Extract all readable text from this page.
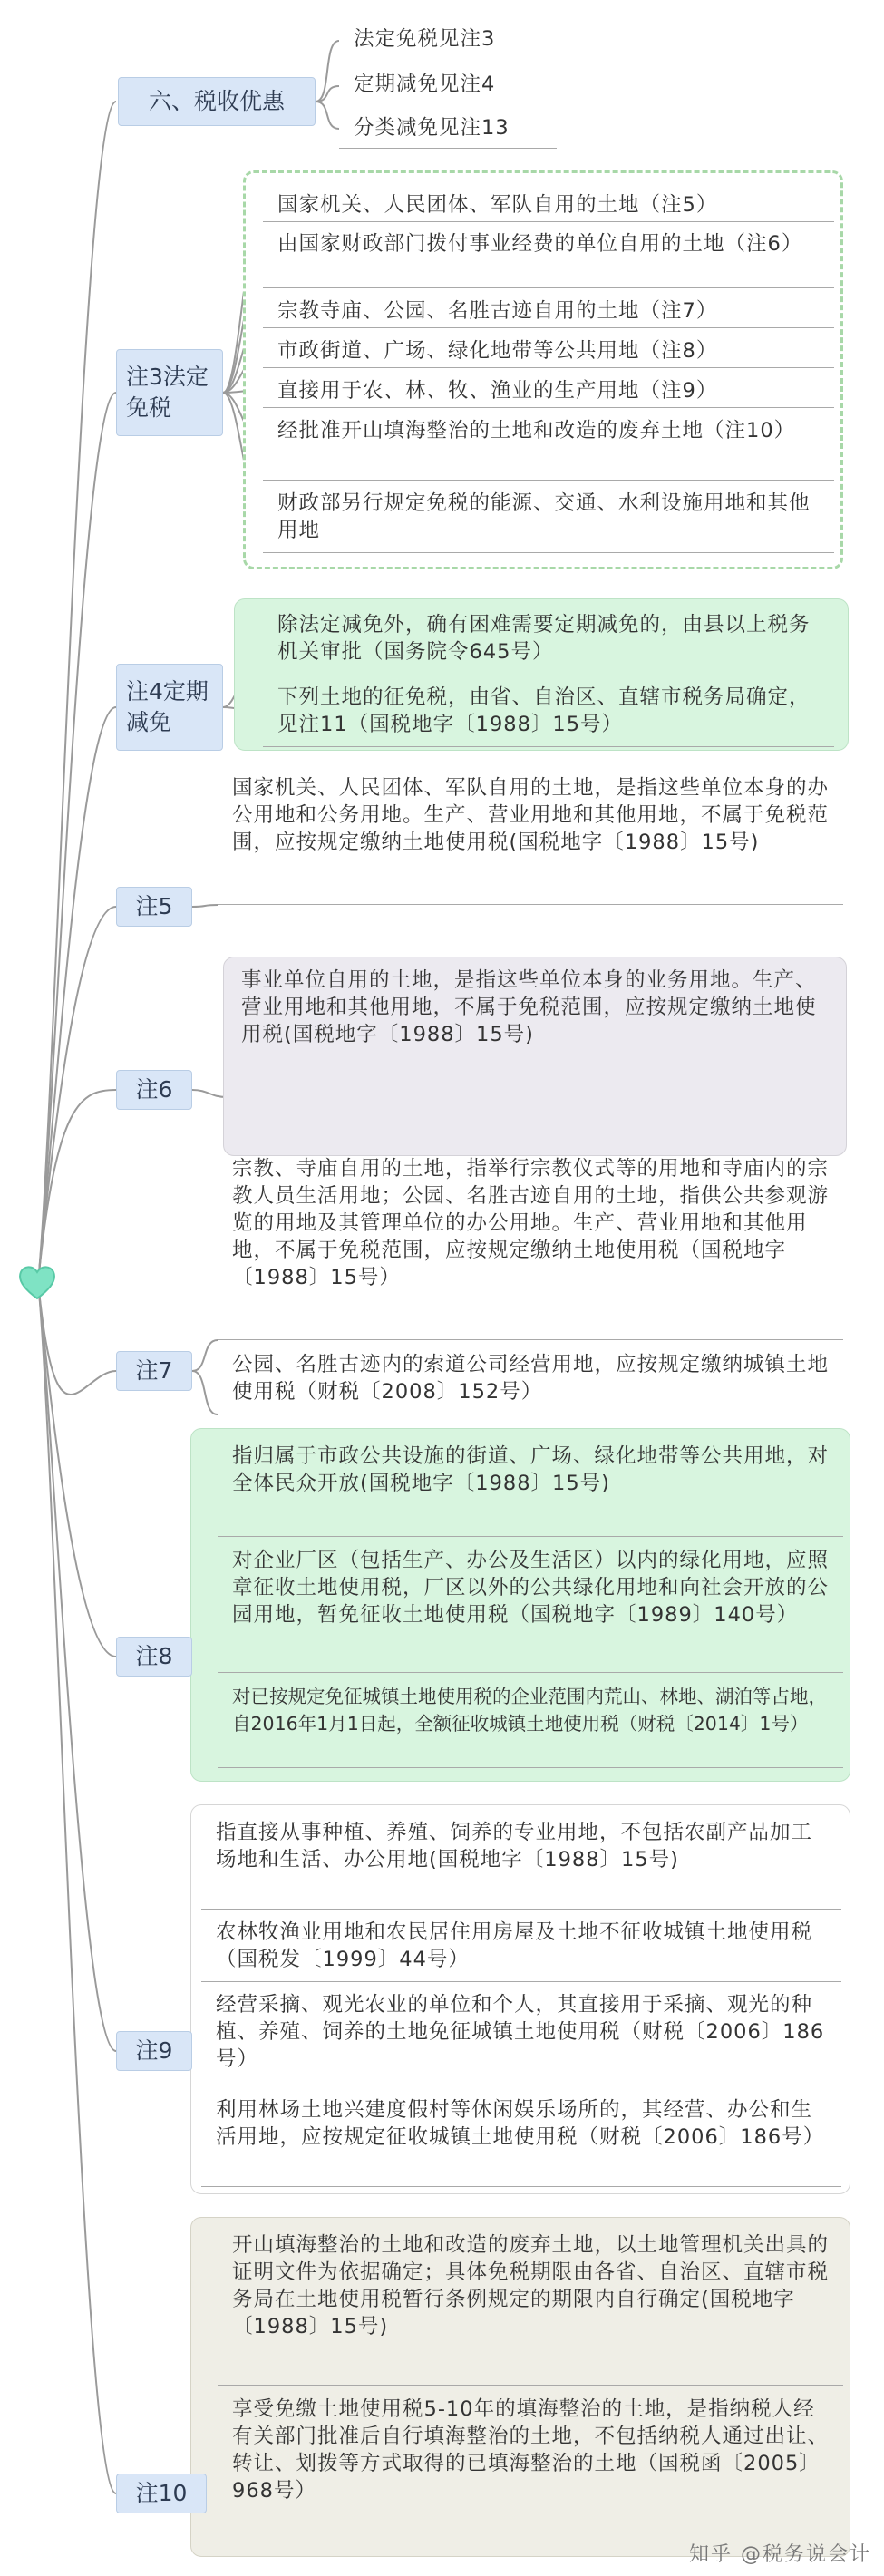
六、税收优惠
法定免税见注3
定期减免见注4
分类减免见注13
注3法定免税
国家机关、人民团体、军队自用的土地（注5）
由国家财政部门拨付事业经费的单位自用的土地（注6）
宗教寺庙、公园、名胜古迹自用的土地（注7）
市政街道、广场、绿化地带等公共用地（注8）
直接用于农、林、牧、渔业的生产用地（注9）
经批准开山填海整治的土地和改造的废弃土地（注10）
财政部另行规定免税的能源、交通、水利设施用地和其他用地
注4定期减免
除法定减免外，确有困难需要定期减免的，由县以上税务机关审批（国务院令645号）
下列土地的征免税，由省、自治区、直辖市税务局确定，见注11（国税地字〔1988〕15号）
注5
国家机关、人民团体、军队自用的土地，是指这些单位本身的办公用地和公务用地。生产、营业用地和其他用地，不属于免税范围，应按规定缴纳土地使用税(国税地字〔1988〕15号)
注6
事业单位自用的土地，是指这些单位本身的业务用地。生产、营业用地和其他用地，不属于免税范围，应按规定缴纳土地使用税(国税地字〔1988〕15号)
注7
宗教、寺庙自用的土地，指举行宗教仪式等的用地和寺庙内的宗教人员生活用地；公园、名胜古迹自用的土地，指供公共参观游览的用地及其管理单位的办公用地。生产、营业用地和其他用地，不属于免税范围，应按规定缴纳土地使用税（国税地字〔1988〕15号）
公园、名胜古迹内的索道公司经营用地，应按规定缴纳城镇土地使用税（财税〔2008〕152号）
注8
指归属于市政公共设施的街道、广场、绿化地带等公共用地，对全体民众开放(国税地字〔1988〕15号)
对企业厂区（包括生产、办公及生活区）以内的绿化用地，应照章征收土地使用税，厂区以外的公共绿化用地和向社会开放的公园用地，暂免征收土地使用税（国税地字〔1989〕140号）
对已按规定免征城镇土地使用税的企业范围内荒山、林地、湖泊等占地，自2016年1月1日起，全额征收城镇土地使用税（财税〔2014〕1号）
注9
指直接从事种植、养殖、饲养的专业用地，不包括农副产品加工场地和生活、办公用地(国税地字〔1988〕15号)
农林牧渔业用地和农民居住用房屋及土地不征收城镇土地使用税（国税发〔1999〕44号）
经营采摘、观光农业的单位和个人，其直接用于采摘、观光的种植、养殖、饲养的土地免征城镇土地使用税（财税〔2006〕186号）
利用林场土地兴建度假村等休闲娱乐场所的，其经营、办公和生活用地，应按规定征收城镇土地使用税（财税〔2006〕186号）
注10
开山填海整治的土地和改造的废弃土地，以土地管理机关出具的证明文件为依据确定；具体免税期限由各省、自治区、直辖市税务局在土地使用税暂行条例规定的期限内自行确定(国税地字〔1988〕15号)
享受免缴土地使用税5-10年的填海整治的土地，是指纳税人经有关部门批准后自行填海整治的土地，不包括纳税人通过出让、转让、划拨等方式取得的已填海整治的土地（国税函〔2005〕968号）
知乎 @税务说会计
